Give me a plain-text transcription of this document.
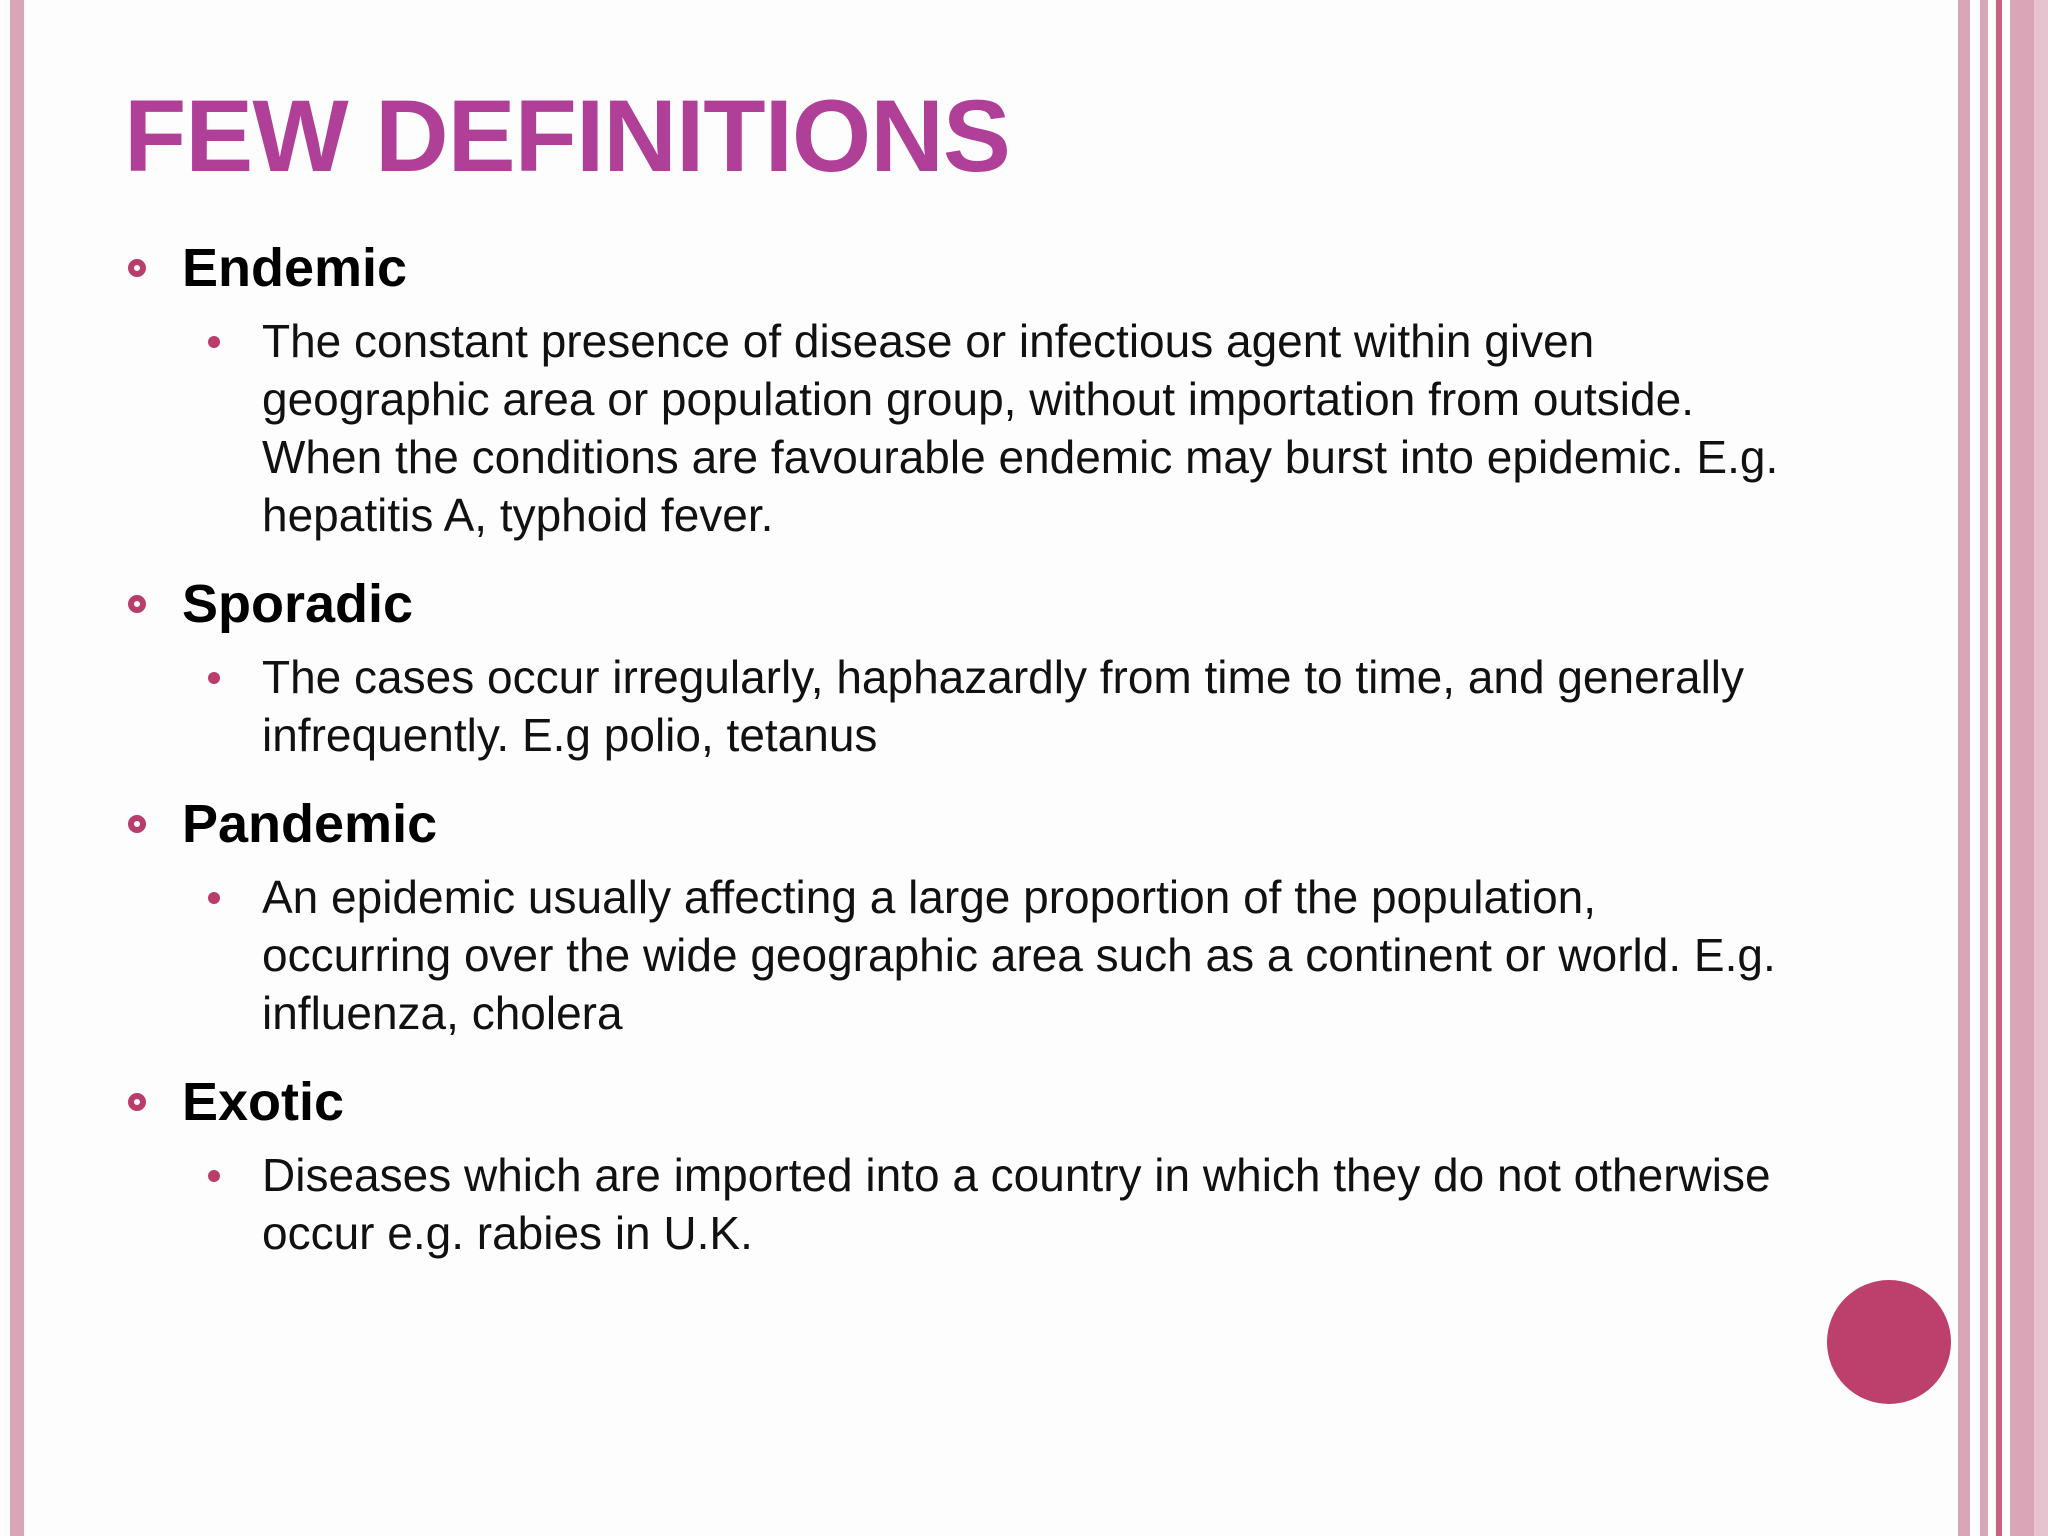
FEW DEFINITIONS
Endemic
The constant presence of disease or infectious agent within given geographic area or population group, without importation from outside. When the conditions are favourable endemic may burst into epidemic. E.g. hepatitis A, typhoid fever.
Sporadic
The cases occur irregularly, haphazardly from time to time, and generally infrequently. E.g polio, tetanus
Pandemic
An epidemic usually affecting a large proportion of the population, occurring over the wide geographic area such as a continent or world. E.g. influenza, cholera
Exotic
Diseases which are imported into a country in which they do not otherwise occur e.g. rabies in U.K.
